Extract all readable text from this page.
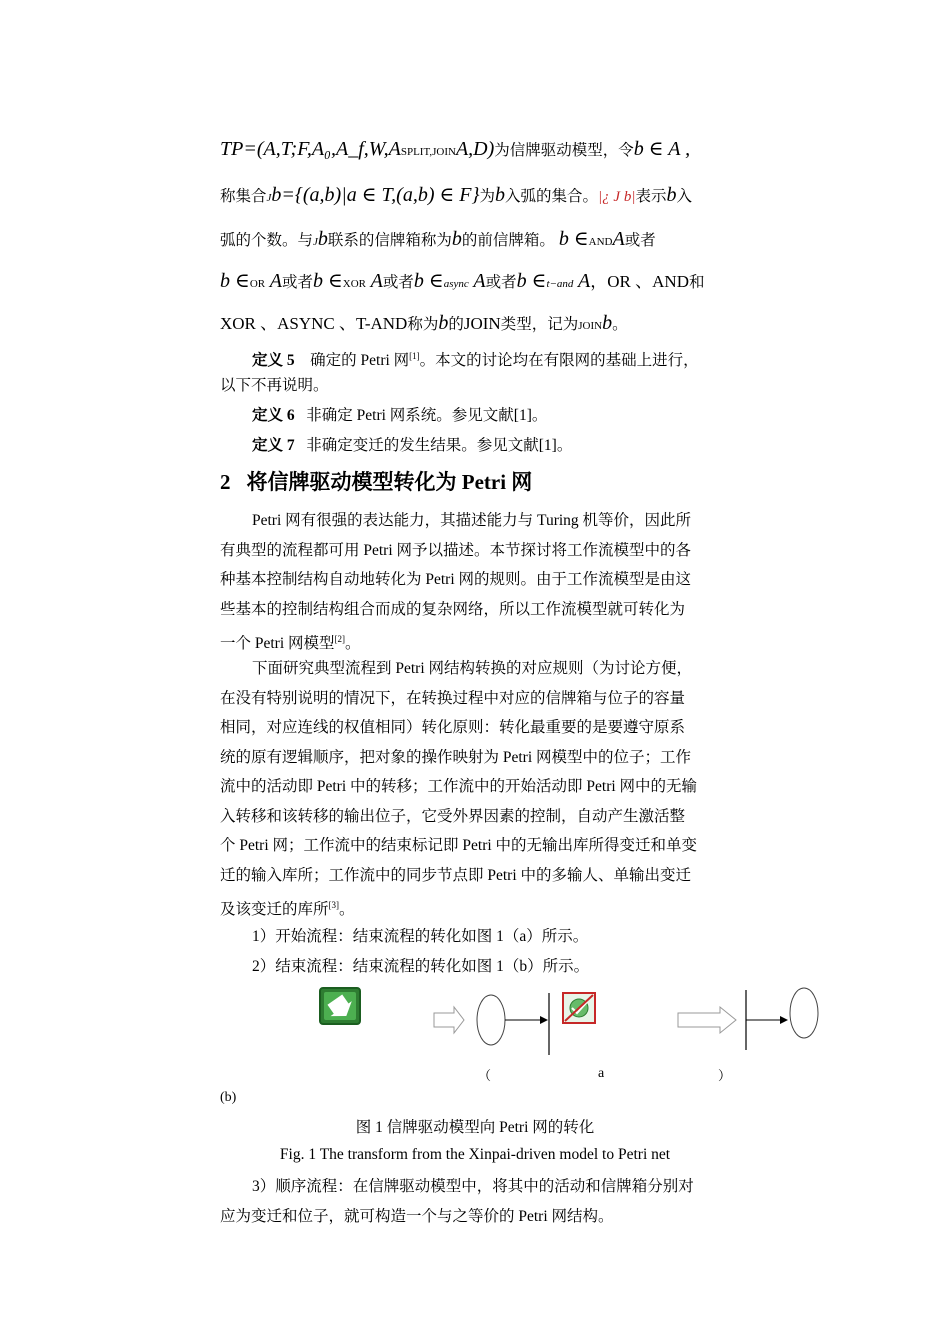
TP=(A,T;F,A₀,A_f,W,ASPLIT,JOINA,D)为信牌驱动模型，令b ∈ A ,
称集合Jb={(a,b)|a ∈ T,(a,b) ∈ F}为b入弧的集合。|¿ J b|表示b入
弧的个数。与Jb联系的信牌箱称为b的前信牌箱。 b ∈ANDA或者
b ∈OR A或者b ∈XOR A或者b ∈async A或者b ∈t−and A，OR 、AND和
XOR 、ASYNC 、T-AND称为b的JOIN类型，记为JOINb。
定义 5 确定的 Petri 网[1]。本文的讨论均在有限网的基础上进行，
以下不再说明。
定义 6 非确定 Petri 网系统。参见文献[1]。
定义 7 非确定变迁的发生结果。参见文献[1]。
2 将信牌驱动模型转化为 Petri 网
Petri 网有很强的表达能力，其描述能力与 Turing 机等价，因此所
有典型的流程都可用 Petri 网予以描述。本节探讨将工作流模型中的各
种基本控制结构自动地转化为 Petri 网的规则。由于工作流模型是由这
些基本的控制结构组合而成的复杂网络，所以工作流模型就可转化为
一个 Petri 网模型[2]。
下面研究典型流程到 Petri 网结构转换的对应规则（为讨论方便，
在没有特别说明的情况下，在转换过程中对应的信牌箱与位子的容量
相同，对应连线的权值相同）转化原则：转化最重要的是要遵守原系
统的原有逻辑顺序，把对象的操作映射为 Petri 网模型中的位子；工作
流中的活动即 Petri 中的转移；工作流中的开始活动即 Petri 网中的无输
入转移和该转移的输出位子，它受外界因素的控制，自动产生激活整
个 Petri 网；工作流中的结束标记即 Petri 中的无输出库所得变迁和单变
迁的输入库所；工作流中的同步节点即 Petri 中的多输人、单输出变迁
及该变迁的库所[3]。
1）开始流程：结束流程的转化如图 1（a）所示。
2）结束流程：结束流程的转化如图 1（b）所示。
（	a	）
(b)
图 1 信牌驱动模型向 Petri 网的转化
Fig. 1 The transform from the Xinpai-driven model to Petri net
3）顺序流程：在信牌驱动模型中，将其中的活动和信牌箱分别对
应为变迁和位子，就可构造一个与之等价的 Petri 网结构。
